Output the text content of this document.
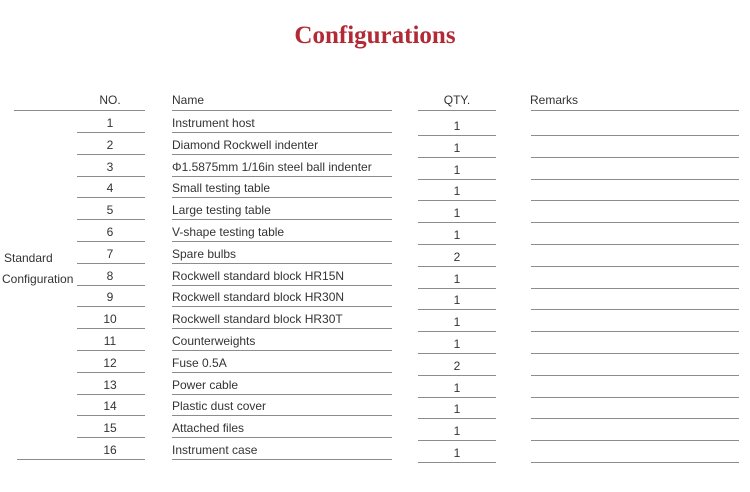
Configurations
NO.	Name	QTY.	Remarks
1	Instrument host	1
2	Diamond Rockwell indenter	1
3	Φ1.5875mm 1/16in steel ball indenter	1
4	Small testing table	1
5	Large testing table	1
6	V-shape testing table	1
7	Spare bulbs	2
8	Rockwell standard block HR15N	1
9	Rockwell standard block HR30N	1
10	Rockwell standard block HR30T	1
11	Counterweights	1
12	Fuse 0.5A	2
13	Power cable	1
14	Plastic dust cover	1
15	Attached files	1
16	Instrument case	1
Standard
Configuration
